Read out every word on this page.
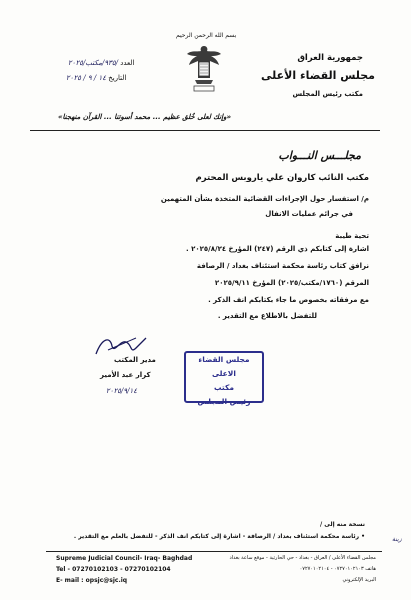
بسم الله الرحمن الرحيم
جمهورية العراق
مجلس القضاء الأعلى
مكتب رئيس المجلس
العدد /٩٣٥/مكتب/٢٠٢٥
التاريخ ١٤ / ٩ / ٢٠٢٥
«وإنك لعلى خُلق عظيم ... محمد أسوتنا ... القرآن منهجنا»
مجلـــس النـــواب
مكتب النائب كاروان علي ياروبس المحترم
م/ استفسار حول الإجراءات القضائية المتخذة بشأن المتهمين
في جرائم عمليات الانفال
تحية طيبة
اشارة إلى كتابكم ذي الرقم (٢٤٧) المؤرخ ٢٠٢٥/٨/٢٤ .
نرافق كتاب رئاسة محكمة استئناف بغداد / الرصافة
المرقم (١٧٦٠/مكتب/٢٠٢٥) المؤرخ ٢٠٢٥/٩/١١
مع مرفقاته بخصوص ما جاء بكتابكم انف الذكر .
للتفضل بالاطلاع مع التقدير .
مجلس القضاء الاعلى
مكتب
رئيس المجلس
مدير المكتب
كرار عبد الأمير
٢٠٢٥/٩/١٤
نسخة منه إلى /
• رئاسة محكمة استئناف بغداد / الرصافة - اشارة إلى كتابكم انف الذكر - للتفضل بالعلم مع التقدير .	زينة
Supreme Judicial Council- Iraq- Baghdad
Tel - 07270102103 - 07270102104
E- mail : opsjc@sjc.iq
مجلس القضاء الأعلى / العراق - بغداد - حي الحارثية - موقع ساعة بغداد
هاتف ٠٧٢٧٠١٠٢١٠٣ - ٠٧٢٧٠١٠٢١٠٤
البريد الإلكتروني
